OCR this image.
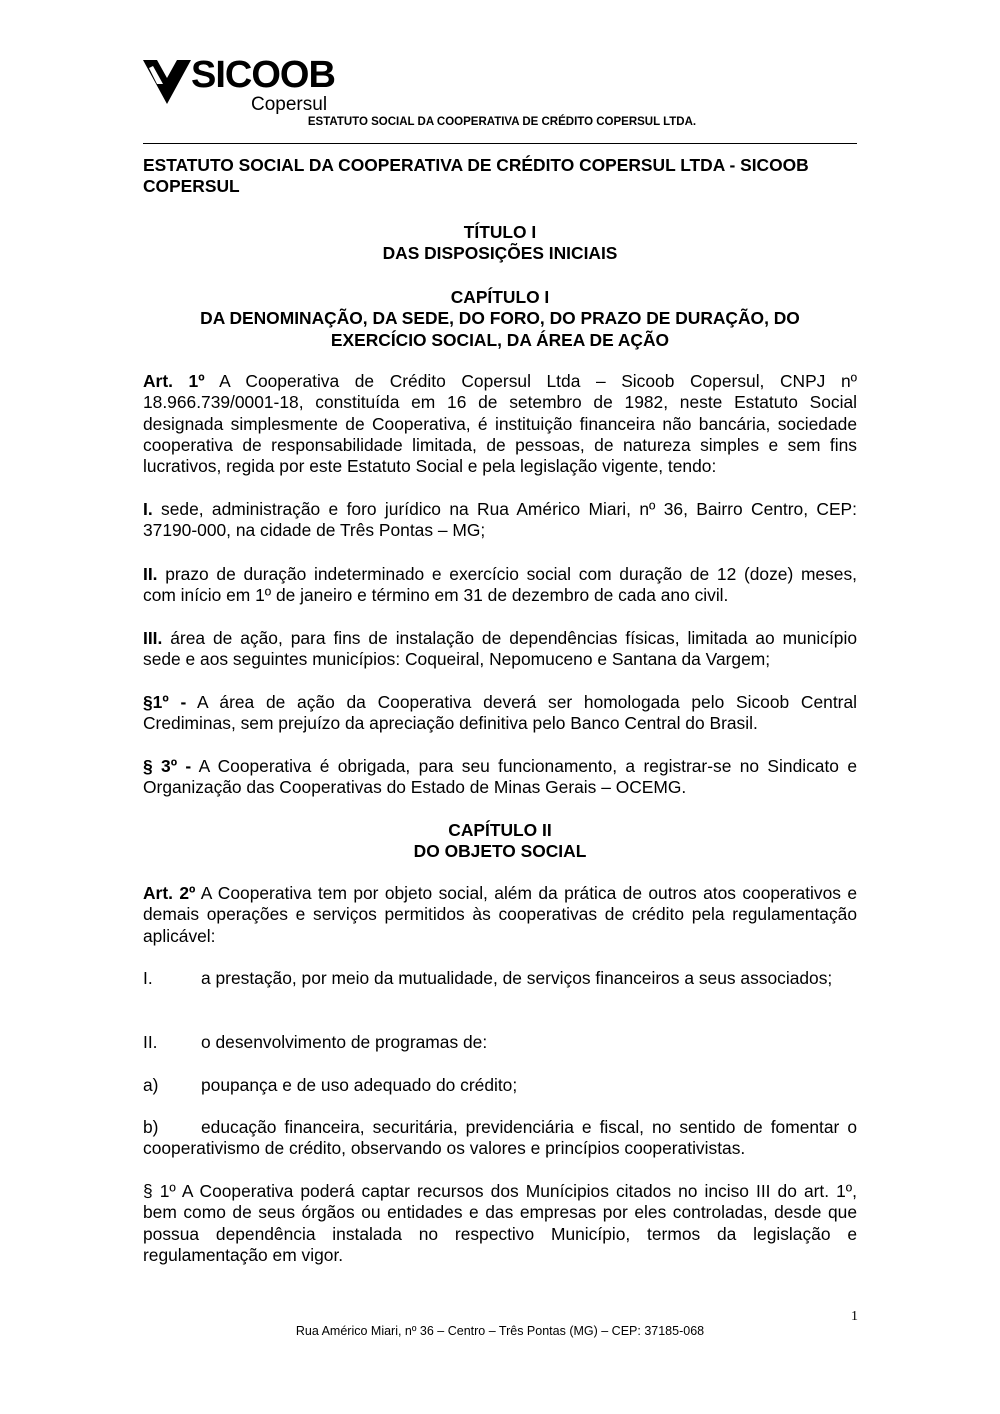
SICOOB
Copersul
ESTATUTO SOCIAL DA COOPERATIVA DE CRÉDITO COPERSUL LTDA.
ESTATUTO SOCIAL DA COOPERATIVA DE CRÉDITO COPERSUL LTDA - SICOOB COPERSUL
TÍTULO I
DAS DISPOSIÇÕES INICIAIS
CAPÍTULO I
DA DENOMINAÇÃO, DA SEDE, DO FORO, DO PRAZO DE DURAÇÃO, DO
EXERCÍCIO SOCIAL, DA ÁREA DE AÇÃO
Art. 1º A Cooperativa de Crédito Copersul Ltda – Sicoob Copersul, CNPJ nº 18.966.739/0001-18, constituída em 16 de setembro de 1982, neste Estatuto Social designada simplesmente de Cooperativa, é instituição financeira não bancária, sociedade cooperativa de responsabilidade limitada, de pessoas, de natureza simples e sem fins lucrativos, regida por este Estatuto Social e pela legislação vigente, tendo:
I. sede, administração e foro jurídico na Rua Américo Miari, nº 36, Bairro Centro, CEP: 37190-000, na cidade de Três Pontas – MG;
II. prazo de duração indeterminado e exercício social com duração de 12 (doze) meses, com início em 1º de janeiro e término em 31 de dezembro de cada ano civil.
III. área de ação, para fins de instalação de dependências físicas, limitada ao município sede e aos seguintes municípios: Coqueiral, Nepomuceno e Santana da Vargem;
§1º - A área de ação da Cooperativa deverá ser homologada pelo Sicoob Central Crediminas, sem prejuízo da apreciação definitiva pelo Banco Central do Brasil.
§ 3º - A Cooperativa é obrigada, para seu funcionamento, a registrar-se no Sindicato e Organização das Cooperativas do Estado de Minas Gerais – OCEMG.
CAPÍTULO II
DO OBJETO SOCIAL
Art. 2º A Cooperativa tem por objeto social, além da prática de outros atos cooperativos e demais operações e serviços permitidos às cooperativas de crédito pela regulamentação aplicável:
I.	a prestação, por meio da mutualidade, de serviços financeiros a seus associados;
II.	o desenvolvimento de programas de:
a) poupança e de uso adequado do crédito;
b) educação financeira, securitária, previdenciária e fiscal, no sentido de fomentar o cooperativismo de crédito, observando os valores e princípios cooperativistas.
§ 1º A Cooperativa poderá captar recursos dos Munícipios citados no inciso III do art. 1º, bem como de seus órgãos ou entidades e das empresas por eles controladas, desde que possua dependência instalada no respectivo Município, termos da legislação e regulamentação em vigor.
1
Rua Américo Miari, nº 36 – Centro – Três Pontas (MG) – CEP: 37185-068
